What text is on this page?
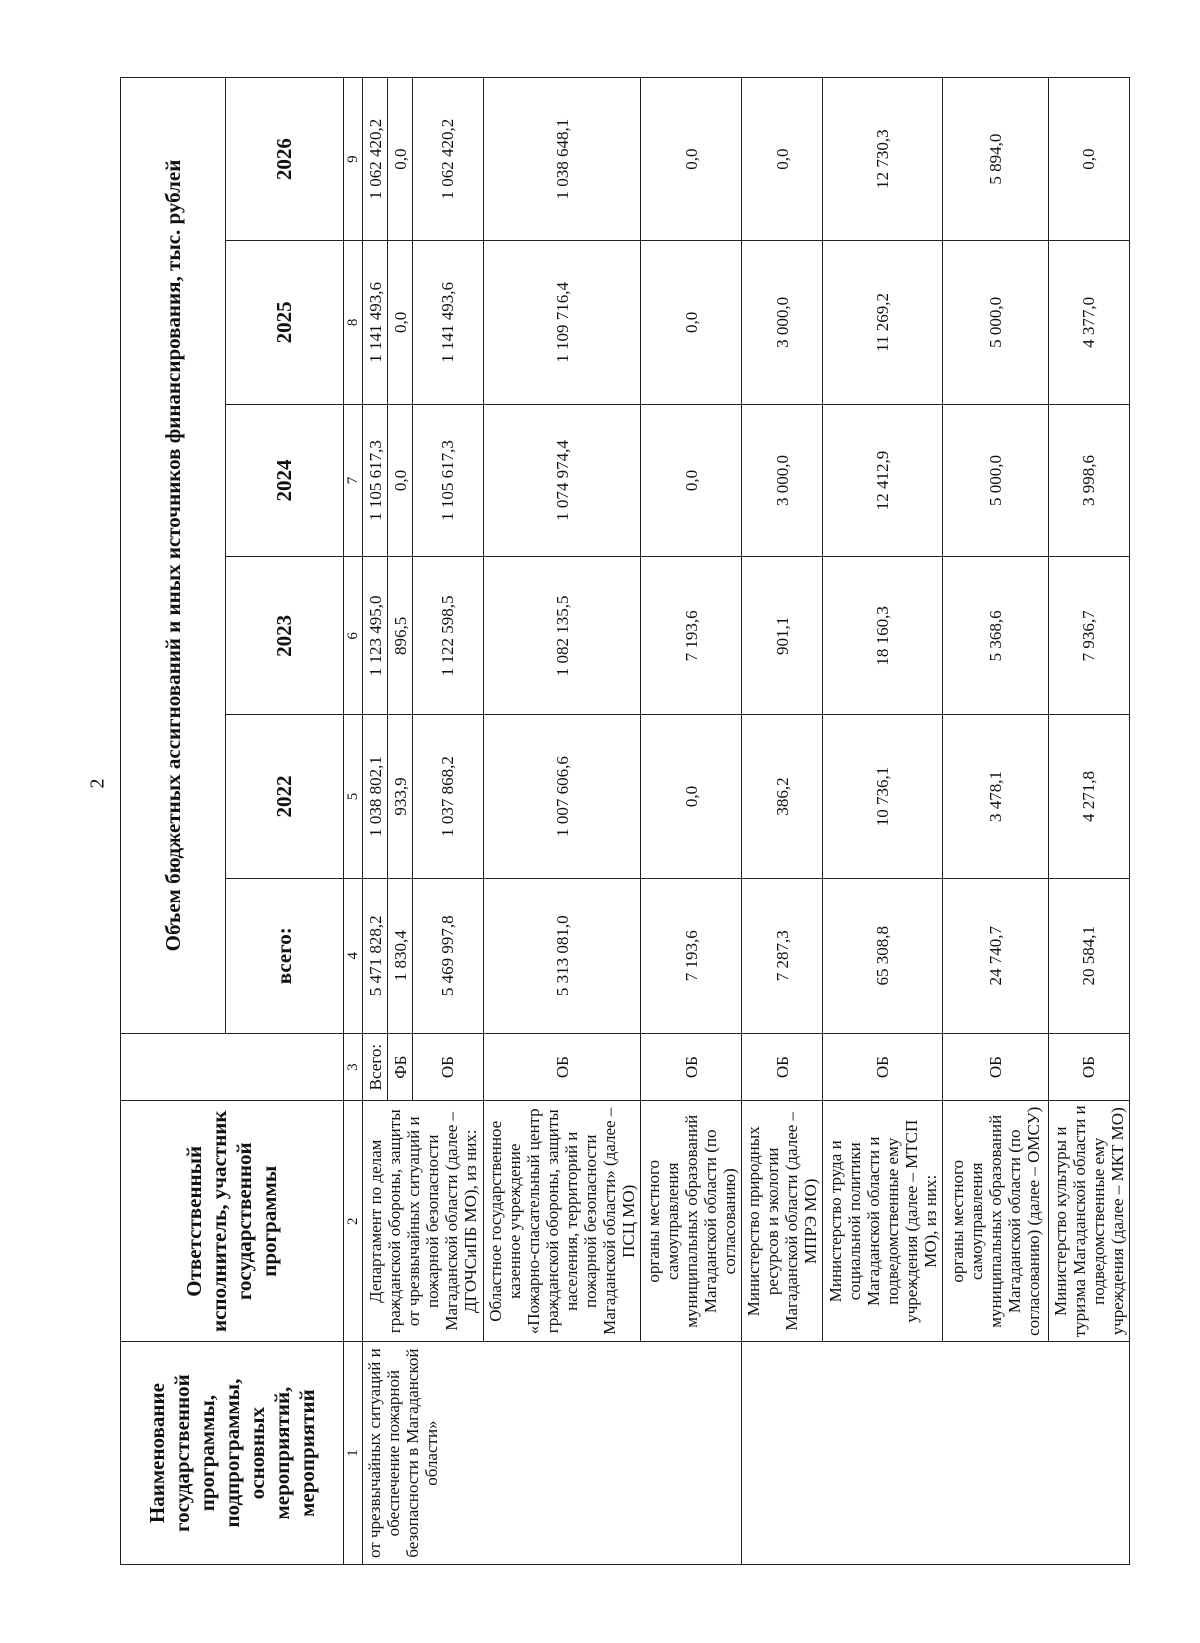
2
Наименование государственной программы, подпрограммы, основных мероприятий, мероприятий	Ответственный исполнитель, участник государственной программы		Объем бюджетных ассигнований и иных источников финансирования, тыс. рублей					
			всего:	2022	2023	2024	2025	2026
1	2	3	4	5	6	7	8	9
от чрезвычайных ситуаций и обеспечение пожарной безопасности в Магаданской области»	Департамент по делам гражданской обороны, защиты от чрезвычайных ситуаций и пожарной безопасности Магаданской области (далее – ДГОЧСиПБ МО), из них:	Всего:	5 471 828,2	1 038 802,1	1 123 495,0	1 105 617,3	1 141 493,6	1 062 420,2
		ФБ	1 830,4	933,9	896,5	0,0	0,0	0,0
		ОБ	5 469 997,8	1 037 868,2	1 122 598,5	1 105 617,3	1 141 493,6	1 062 420,2
	Областное государственное казенное учреждение «Пожарно-спасательный центр гражданской обороны, защиты населения, территорий и пожарной безопасности Магаданской области» (далее – ПСЦ МО)	ОБ	5 313 081,0	1 007 606,6	1 082 135,5	1 074 974,4	1 109 716,4	1 038 648,1
	органы местного самоуправления муниципальных образований Магаданской области (по согласованию)	ОБ	7 193,6	0,0	7 193,6	0,0	0,0	0,0
	Министерство природных ресурсов и экологии Магаданской области (далее – МПРЭ МО)	ОБ	7 287,3	386,2	901,1	3 000,0	3 000,0	0,0
	Министерство труда и социальной политики Магаданской области и подведомственные ему учреждения (далее – МТСП МО), из них:	ОБ	65 308,8	10 736,1	18 160,3	12 412,9	11 269,2	12 730,3
	органы местного самоуправления муниципальных образований Магаданской области (по согласованию) (далее – ОМСУ)	ОБ	24 740,7	3 478,1	5 368,6	5 000,0	5 000,0	5 894,0
	Министерство культуры и туризма Магаданской области и подведомственные ему учреждения (далее – МКТ МО)	ОБ	20 584,1	4 271,8	7 936,7	3 998,6	4 377,0	0,0
